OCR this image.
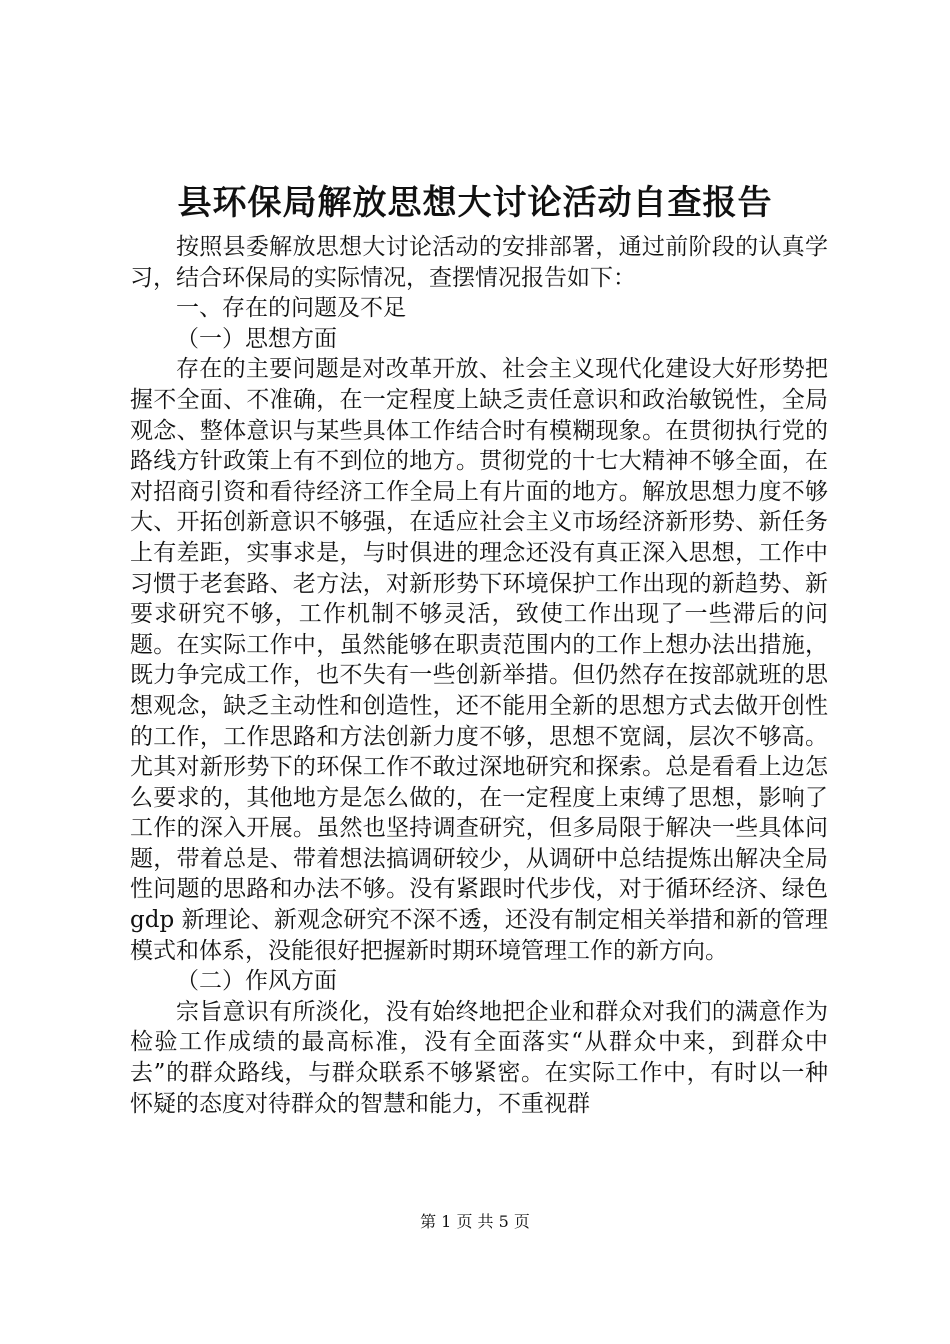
县环保局解放思想大讨论活动自查报告

按照县委解放思想大讨论活动的安排部署，通过前阶段的认真学习，结合环保局的实际情况，查摆情况报告如下：

一、存在的问题及不足

（一）思想方面

存在的主要问题是对改革开放、社会主义现代化建设大好形势把握不全面、不准确，在一定程度上缺乏责任意识和政治敏锐性，全局观念、整体意识与某些具体工作结合时有模糊现象。在贯彻执行党的路线方针政策上有不到位的地方。贯彻党的十七大精神不够全面，在对招商引资和看待经济工作全局上有片面的地方。解放思想力度不够大、开拓创新意识不够强，在适应社会主义市场经济新形势、新任务上有差距，实事求是，与时俱进的理念还没有真正深入思想，工作中习惯于老套路、老方法，对新形势下环境保护工作出现的新趋势、新要求研究不够，工作机制不够灵活，致使工作出现了一些滞后的问题。在实际工作中，虽然能够在职责范围内的工作上想办法出措施，既力争完成工作，也不失有一些创新举措。但仍然存在按部就班的思想观念，缺乏主动性和创造性，还不能用全新的思想方式去做开创性的工作，工作思路和方法创新力度不够，思想不宽阔，层次不够高。尤其对新形势下的环保工作不敢过深地研究和探索。总是看看上边怎么要求的，其他地方是怎么做的，在一定程度上束缚了思想，影响了工作的深入开展。虽然也坚持调查研究，但多局限于解决一些具体问题，带着总是、带着想法搞调研较少，从调研中总结提炼出解决全局性问题的思路和办法不够。没有紧跟时代步伐，对于循环经济、绿色 gdp 新理论、新观念研究不深不透，还没有制定相关举措和新的管理模式和体系，没能很好把握新时期环境管理工作的新方向。

（二）作风方面

宗旨意识有所淡化，没有始终地把企业和群众对我们的满意作为检验工作成绩的最高标准，没有全面落实“从群众中来，到群众中去”的群众路线，与群众联系不够紧密。在实际工作中，有时以一种怀疑的态度对待群众的智慧和能力，不重视群

第 1 页 共 5 页
